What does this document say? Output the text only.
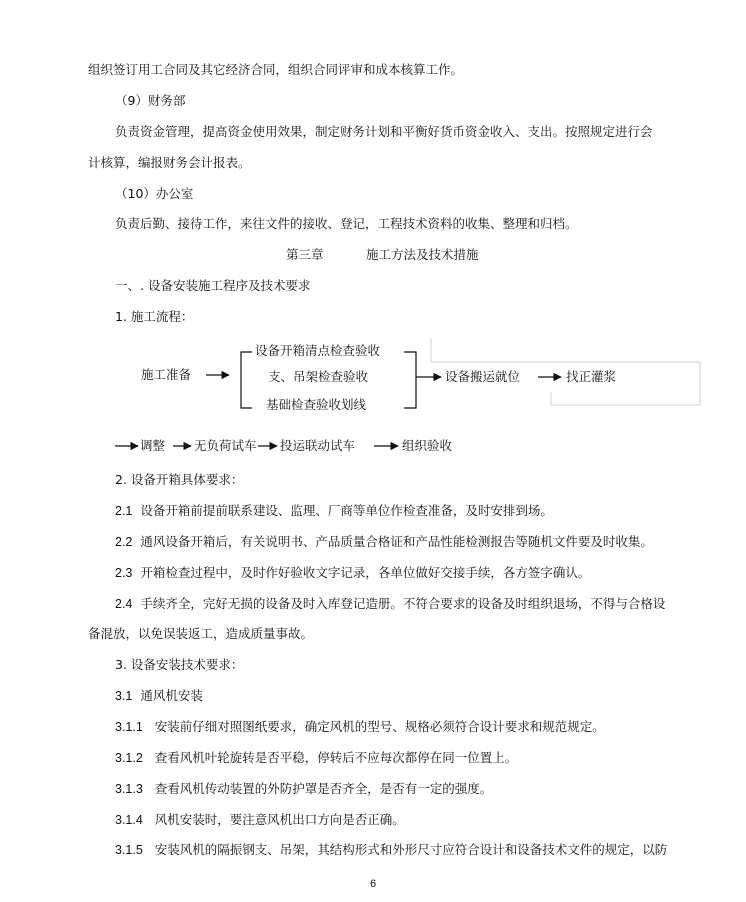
组织签订用工合同及其它经济合同，组织合同评审和成本核算工作。
（9）财务部
负责资金管理，提高资金使用效果，制定财务计划和平衡好货币资金收入、支出。按照规定进行会
计核算，编报财务会计报表。
（10）办公室
负责后勤、接待工作，来往文件的接收、登记，工程技术资料的收集、整理和归档。
第三章	施工方法及技术措施
一、. 设备安装施工程序及技术要求
1. 施工流程：
施工准备
设备开箱清点检查验收
支、吊架检查验收
基础检查验收划线
设备搬运就位	找正灌浆
调整 无负荷试车 投运联动试车	组织验收
2. 设备开箱具体要求：
2.1 设备开箱前提前联系建设、监理、厂商等单位作检查准备，及时安排到场。
2.2 通风设备开箱后，有关说明书、产品质量合格证和产品性能检测报告等随机文件要及时收集。
2.3 开箱检查过程中，及时作好验收文字记录，各单位做好交接手续，各方签字确认。
2.4 手续齐全，完好无损的设备及时入库登记造册。不符合要求的设备及时组织退场，不得与合格设
备混放，以免误装返工，造成质量事故。
3. 设备安装技术要求：
3.1 通风机安装
3.1.1 安装前仔细对照图纸要求，确定风机的型号、规格必须符合设计要求和规范规定。
3.1.2 查看风机叶轮旋转是否平稳，停转后不应每次都停在同一位置上。
3.1.3 查看风机传动装置的外防护罩是否齐全，是否有一定的强度。
3.1.4 风机安装时，要注意风机出口方向是否正确。
3.1.5 安装风机的隔振钢支、吊架，其结构形式和外形尺寸应符合设计和设备技术文件的规定，以防
6
